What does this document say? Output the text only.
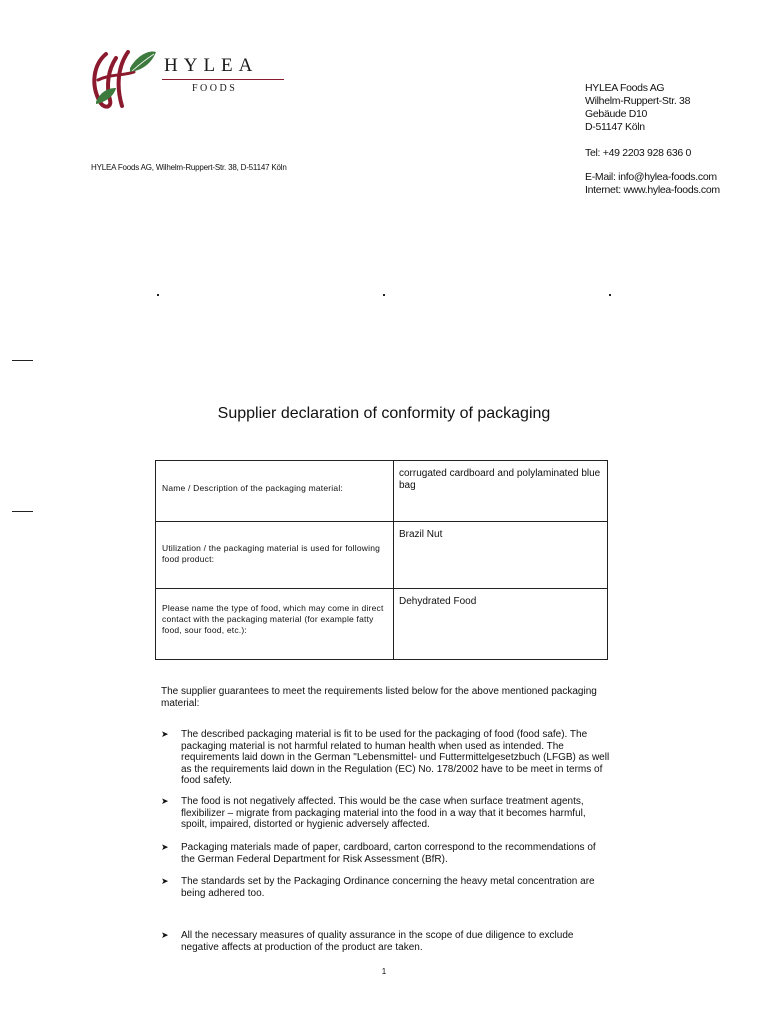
HYLEA
FOODS
HYLEA Foods AG, Wilhelm-Ruppert-Str. 38, D-51147 Köln
HYLEA Foods AG
Wilhelm-Ruppert-Str. 38
Gebäude D10
D-51147 Köln
Tel: +49 2203 928 636 0
E-Mail: info@hylea-foods.com
Internet: www.hylea-foods.com
Supplier declaration of conformity of packaging
Name / Description of the packaging material:	corrugated cardboard and polylaminated blue bag

Utilization / the packaging material is used for following food product:	Brazil Nut

Please name the type of food, which may come in direct contact with the packaging material (for example fatty food, sour food, etc.):	Dehydrated Food
The supplier guarantees to meet the requirements listed below for the above mentioned packaging material:
➤ The described packaging material is fit to be used for the packaging of food (food safe). The packaging material is not harmful related to human health when used as intended. The requirements laid down in the German "Lebensmittel- und Futtermittelgesetzbuch (LFGB) as well as the requirements laid down in the Regulation (EC) No. 178/2002 have to be meet in terms of food safety.
➤ The food is not negatively affected. This would be the case when surface treatment agents, flexibilizer – migrate from packaging material into the food in a way that it becomes harmful, spoilt, impaired, distorted or hygienic adversely affected.
➤ Packaging materials made of paper, cardboard, carton correspond to the recommendations of the German Federal Department for Risk Assessment (BfR).
➤ The standards set by the Packaging Ordinance concerning the heavy metal concentration are being adhered too.
➤ All the necessary measures of quality assurance in the scope of due diligence to exclude negative affects at production of the product are taken.
1
